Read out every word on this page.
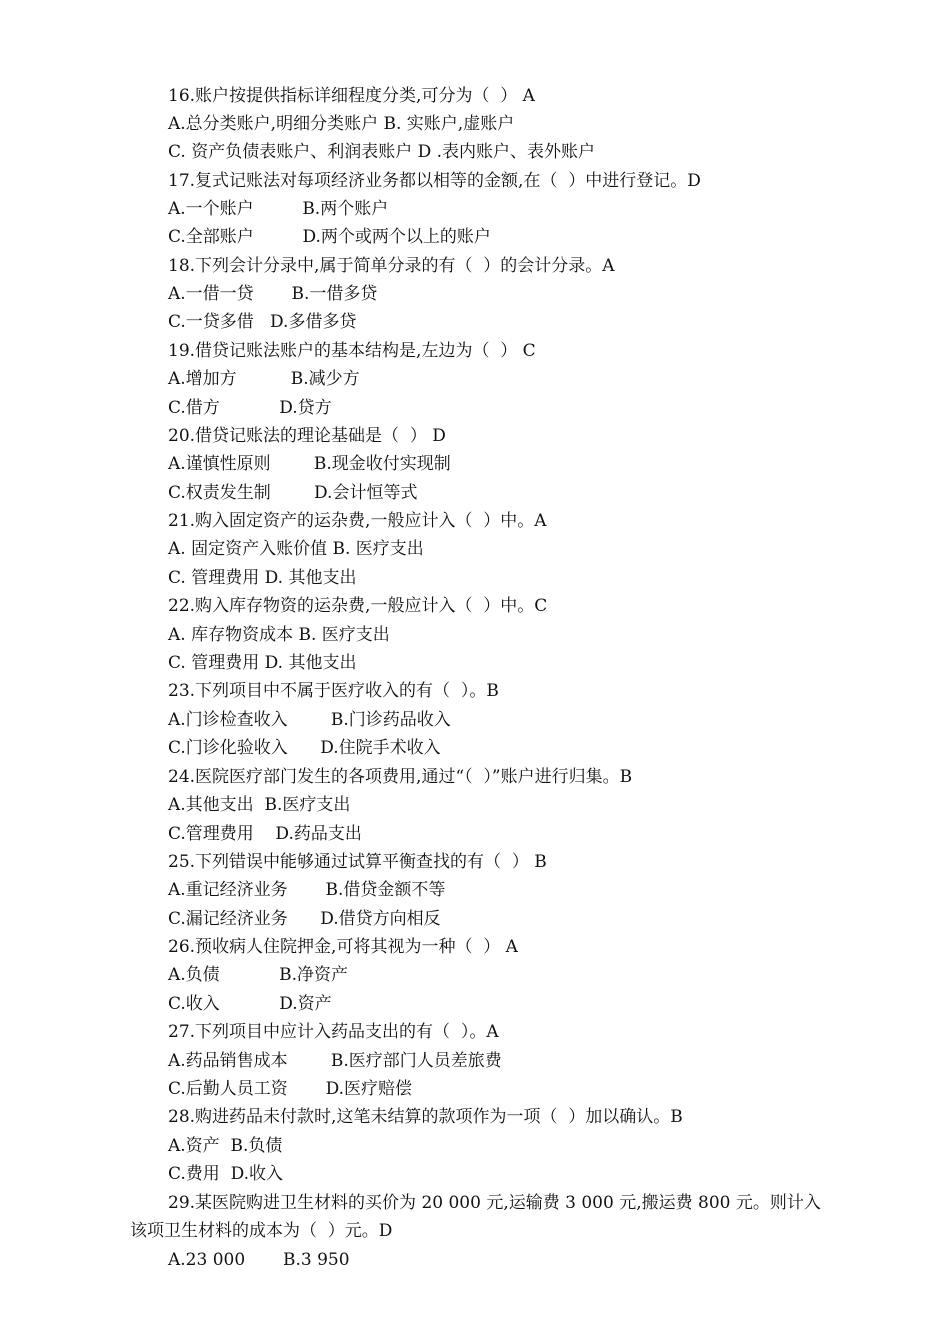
16.账户按提供指标详细程度分类,可分为（  ） A
A.总分类账户,明细分类账户 B. 实账户,虚账户
C. 资产负债表账户、利润表账户 D .表内账户、表外账户
17.复式记账法对每项经济业务都以相等的金额,在（  ）中进行登记。D
A.一个账户         B.两个账户
C.全部账户         D.两个或两个以上的账户
18.下列会计分录中,属于简单分录的有（  ）的会计分录。A
A.一借一贷       B.一借多贷
C.一贷多借   D.多借多贷
19.借贷记账法账户的基本结构是,左边为（  ） C
A.增加方          B.减少方
C.借方           D.贷方
20.借贷记账法的理论基础是（  ） D
A.谨慎性原则        B.现金收付实现制
C.权责发生制        D.会计恒等式
21.购入固定资产的运杂费,一般应计入（  ）中。A
A. 固定资产入账价值 B. 医疗支出
C. 管理费用 D. 其他支出
22.购入库存物资的运杂费,一般应计入（  ）中。C
A. 库存物资成本 B. 医疗支出
C. 管理费用 D. 其他支出
23.下列项目中不属于医疗收入的有（  ）。B
A.门诊检查收入        B.门诊药品收入
C.门诊化验收入      D.住院手术收入
24.医院医疗部门发生的各项费用,通过“（  ）”账户进行归集。B
A.其他支出  B.医疗支出
C.管理费用    D.药品支出
25.下列错误中能够通过试算平衡查找的有（  ） B
A.重记经济业务       B.借贷金额不等
C.漏记经济业务      D.借贷方向相反
26.预收病人住院押金,可将其视为一种（  ） A
A.负债           B.净资产
C.收入           D.资产
27.下列项目中应计入药品支出的有（  ）。A
A.药品销售成本        B.医疗部门人员差旅费
C.后勤人员工资       D.医疗赔偿
28.购进药品未付款时,这笔未结算的款项作为一项（  ）加以确认。B
A.资产  B.负债
C.费用  D.收入
29.某医院购进卫生材料的买价为 20 000 元,运输费 3 000 元,搬运费 800 元。则计入
该项卫生材料的成本为（  ）元。D
A.23 000       B.3 950
